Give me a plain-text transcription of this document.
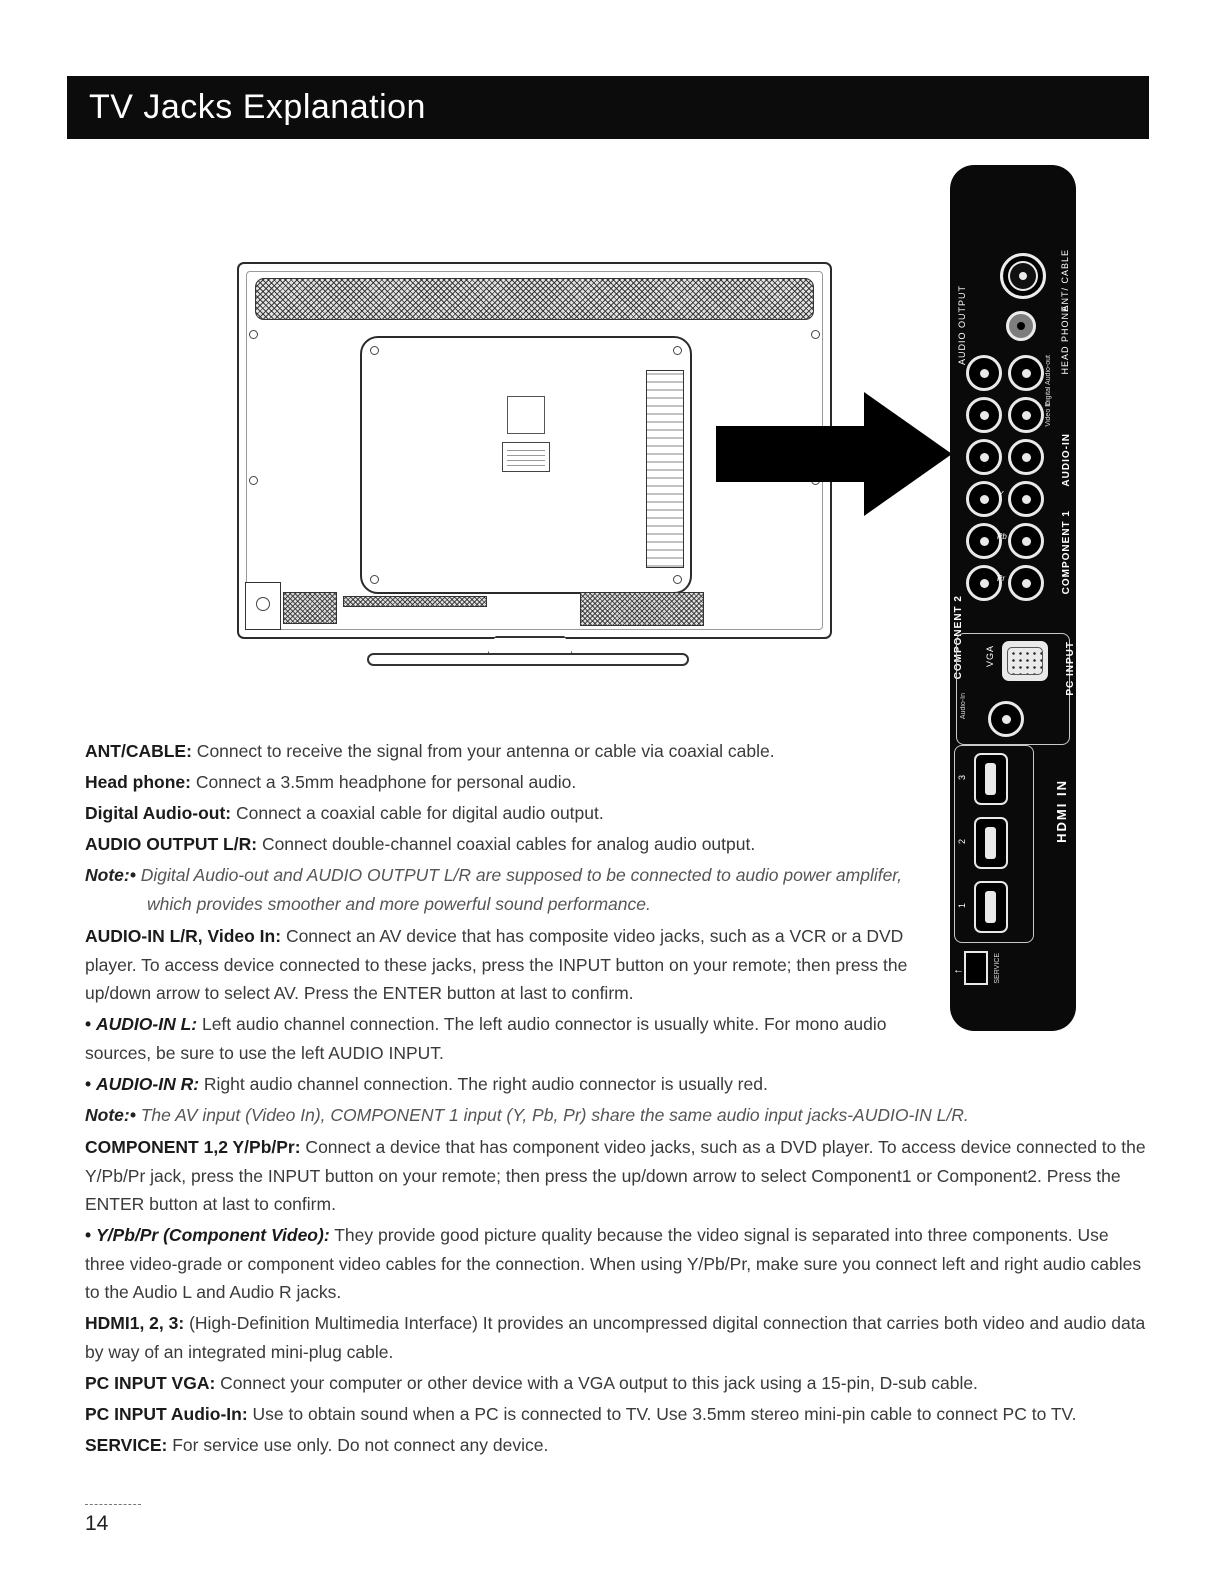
TV Jacks Explanation
ANT/ CABLE
HEAD PHONE
AUDIO OUTPUT
Digital Audio-out
Video In
AUDIO-IN
Y
Pb
Pr	COMPONENT 1
COMPONENT 2 VGA	PC INPUT
Audio-In
3
2
1
HDMI IN
SERVICE
←

ANT/CABLE: Connect to receive the signal from your antenna or cable via coaxial cable.

Head phone: Connect a 3.5mm headphone for personal audio.

Digital Audio-out: Connect a coaxial cable for digital audio output.

AUDIO OUTPUT L/R: Connect double-channel coaxial cables for analog audio output.

Note:• Digital Audio-out and AUDIO OUTPUT L/R are supposed to be connected to audio power amplifer, which provides smoother and more powerful sound performance.

AUDIO-IN L/R, Video In: Connect an AV device that has composite video jacks, such as a VCR or a DVD player. To access device connected to these jacks, press the INPUT button on your remote; then press the up/down arrow to select AV. Press the ENTER button at last to confirm.

• AUDIO-IN L: Left audio channel connection. The left audio connector is usually white. For mono audio sources, be sure to use the left AUDIO INPUT.

• AUDIO-IN R: Right audio channel connection. The right audio connector is usually red.

Note:• The AV input (Video In), COMPONENT 1 input (Y, Pb, Pr) share the same audio input jacks-AUDIO-IN L/R.

COMPONENT 1,2 Y/Pb/Pr: Connect a device that has component video jacks, such as a DVD player. To access device connected to the Y/Pb/Pr jack, press the INPUT button on your remote; then press the up/down arrow to select Component1 or Component2. Press the ENTER button at last to confirm.

• Y/Pb/Pr (Component Video): They provide good picture quality because the video signal is separated into three components. Use three video-grade or component video cables for the connection. When using Y/Pb/Pr, make sure you connect left and right audio cables to the Audio L and Audio R jacks.

HDMI1, 2, 3: (High-Definition Multimedia Interface) It provides an uncompressed digital connection that carries both video and audio data by way of an integrated mini-plug cable.

PC INPUT VGA: Connect your computer or other device with a VGA output to this jack using a 15-pin, D-sub cable.

PC INPUT Audio-In: Use to obtain sound when a PC is connected to TV. Use 3.5mm stereo mini-pin cable to connect PC to TV.

SERVICE: For service use only. Do not connect any device.

14
